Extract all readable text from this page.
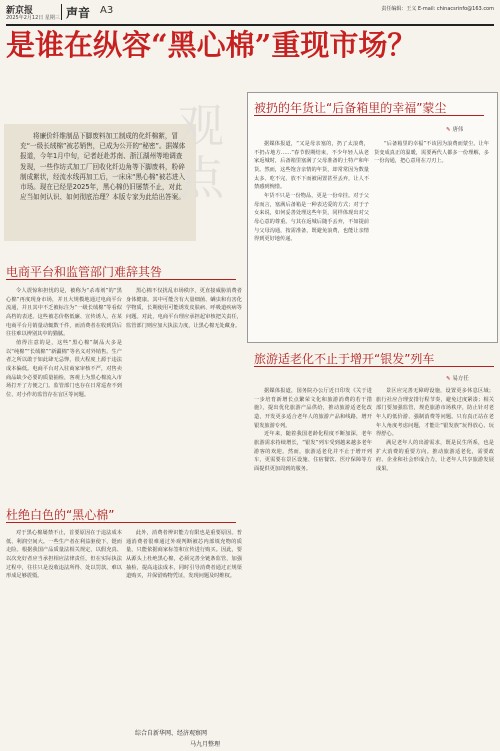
新京报
2025年2月12日 星期三 声音 A3	责任编辑：王义 E-mail: chinacsrinfo@163.com
是谁在纵容“黑心棉”重现市场？
将廉价纤维制品下脚废料加工制成的化纤棉絮，冒充“一级长绒棉”被芯销售，已成为公开的“秘密”。据媒体报道，今年1月中旬，记者赶赴苏南、浙江湖州等地调查发现，一些作坊式加工厂回收化纤边角等下脚废料，粉碎制成絮状，经流水线再加工后，一床床“黑心棉”被芯进入市场。现在已经是2025年，黑心棉仍旧屡禁不止，对此应当如何认识、如何彻底治理？本版专家为此给出答案。
观点
被扔的年货让“后备箱里的幸福”蒙尘
✎ 唐伟

据媒体报道，“又是母亲塞的，扔了太浪费，不扔占地方……”春节假期结束，不少年轻人从老家返城时，后备箱里塞满了父母准备的土特产和年货。然而，这些饱含亲情的年货，却常常因为数量太多、吃不完、放不下而被闲置甚至丢弃，让人不禁感到惋惜。

年货不只是一份物品，更是一份牵挂。对于父母而言，塞满后备箱是一种表达爱的方式；对于子女来说，如何妥善处理这些年货，同样体现出对父母心意的尊重。与其在返城后随手丢弃，不如提前与父母沟通，按需准备，既避免浪费，也能让亲情得到更好地传递。

“后备箱里的幸福”不该因为浪费而蒙尘。让年货变成真正的温暖，需要两代人都多一份理解，多一份沟通，把心意用在刀刃上。

电商平台和监管部门难辞其咎

令人震惊和担忧的是，被称为“杀毒剂”的“黑心棉”再度现身市场，并且大规模地通过电商平台流通，并且其中不乏被标注为“一级长绒棉”等看似高档的表述。这些被芯价格低廉、宣传诱人，在某电商平台月销量动辄数千件，而消费者在收到货后往往难以辨别其中的猫腻。

值得注意的是，这些“黑心棉”制品大多是以“纯棉”“长绒棉”“新疆棉”等名义对外销售。生产者之所以敢于如此肆无忌惮，很大程度上源于违法成本偏低。电商平台对入驻商家审核不严，对售卖商品缺少必要的质量抽检，客观上为黑心棉流入市场打开了方便之门。监管部门也存在日常巡查不到位、对小作坊监管存在盲区等问题。

黑心棉不仅扰乱市场秩序，更直接威胁消费者身体健康。其中可能含有大量细菌、螨虫和有害化学物质，长期使用可能诱发皮肤病、呼吸道疾病等问题。对此，电商平台理应承担起审核把关责任，监管部门则应加大执法力度，让黑心棉无处藏身。

杜绝白色的“黑心棉”

对于黑心棉屡禁不止，首要原因在于违法成本低、利润空间大。一些生产者在利益驱使下，铤而走险。根据我国产品质量法相关规定，以假充真、以次充好者应当承担相应法律责任，但在实际执法过程中，往往只是没收违法所得、处以罚款，难以形成足够震慑。

此外，消费者辨识能力有限也是重要原因。普通消费者很难通过外观判断被芯内部填充物的质量，只能依据商家标签和宣传进行购买。因此，要从源头上杜绝黑心棉，必须完善全链条监管，加强抽检，提高违法成本，同时引导消费者通过正规渠道购买，并保留购物凭证，发现问题及时维权。

综合自新华网、经济观察网
马九月整理
旅游适老化不止于增开“银发”列车
✎ 易方任

据媒体报道，国务院办公厅近日印发《关于进一步培育新增长点繁荣文化和旅游消费的若干措施》，提出优化旅游产品供给，推动旅游适老化改造，开发更多适合老年人的旅游产品和线路，增开银发旅游专列。

近年来，随着我国老龄化程度不断加深，老年旅游需求持续增长，“银发”列车受到越来越多老年游客的欢迎。然而，旅游适老化并不止于增开列车，更需要在景区设施、住宿餐饮、医疗保障等方面提供更加周到的服务。

景区应完善无障碍设施，设置更多休息区域；旅行社应合理安排行程节奏，避免过度紧凑；相关部门要加强监管，规范旅游市场秩序，防止针对老年人的低价游、强制消费等问题。只有真正站在老年人角度考虑问题，才能让“银发族”玩得放心、玩得舒心。

满足老年人的出游需求，既是民生所系，也是扩大消费的重要方向。推动旅游适老化，需要政府、企业和社会形成合力，让老年人共享旅游发展成果。
